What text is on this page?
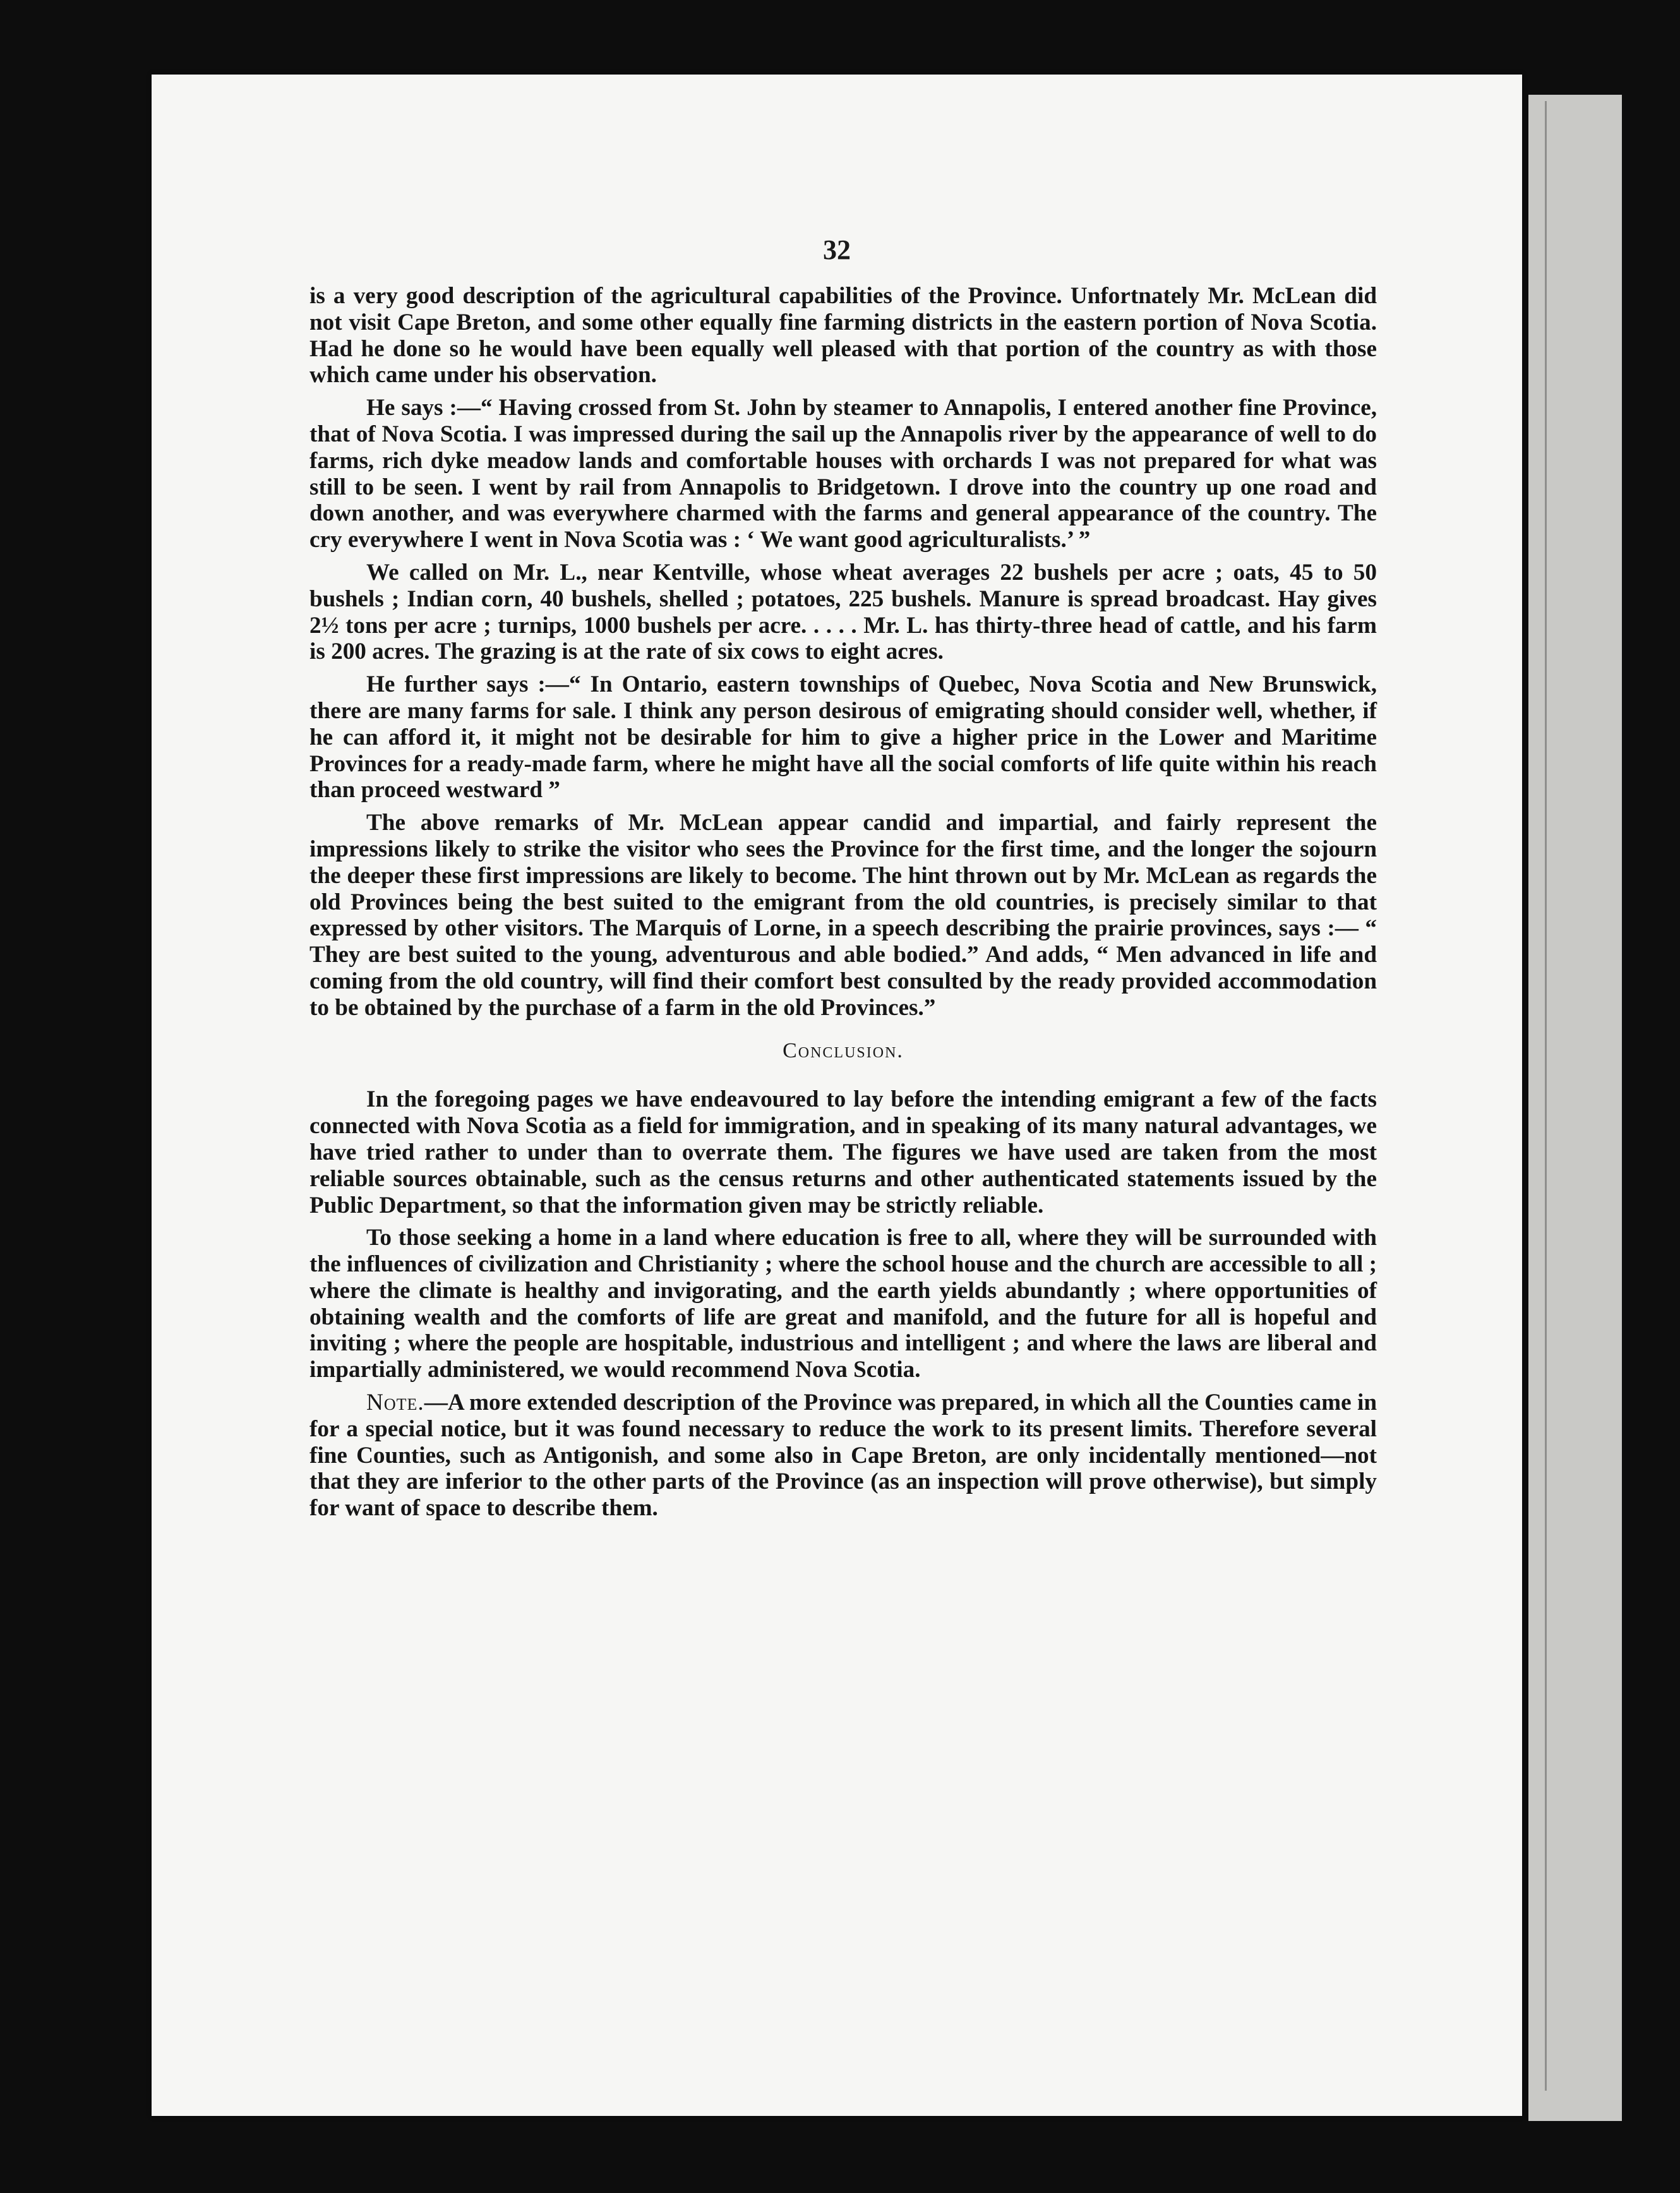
32

is a very good description of the agricultural capabilities of the Province. Unfortnately Mr. McLean did not visit Cape Breton, and some other equally fine farming districts in the eastern portion of Nova Scotia. Had he done so he would have been equally well pleased with that portion of the country as with those which came under his observation.

He says :—“ Having crossed from St. John by steamer to Annapolis, I entered another fine Province, that of Nova Scotia. I was impressed during the sail up the Annapolis river by the appearance of well to do farms, rich dyke meadow lands and comfortable houses with orchards I was not prepared for what was still to be seen. I went by rail from Annapolis to Bridgetown. I drove into the country up one road and down another, and was everywhere charmed with the farms and general appearance of the country. The cry everywhere I went in Nova Scotia was : ‘ We want good agriculturalists.’ ”

We called on Mr. L., near Kentville, whose wheat averages 22 bushels per acre ; oats, 45 to 50 bushels ; Indian corn, 40 bushels, shelled ; potatoes, 225 bushels. Manure is spread broadcast. Hay gives 2½ tons per acre ; turnips, 1000 bushels per acre. . . . . Mr. L. has thirty-three head of cattle, and his farm is 200 acres. The grazing is at the rate of six cows to eight acres.

He further says :—“ In Ontario, eastern townships of Quebec, Nova Scotia and New Brunswick, there are many farms for sale. I think any person desirous of emigrating should consider well, whether, if he can afford it, it might not be desirable for him to give a higher price in the Lower and Maritime Provinces for a ready-made farm, where he might have all the social comforts of life quite within his reach than proceed westward ”

The above remarks of Mr. McLean appear candid and impartial, and fairly represent the impressions likely to strike the visitor who sees the Province for the first time, and the longer the sojourn the deeper these first impressions are likely to become. The hint thrown out by Mr. McLean as regards the old Provinces being the best suited to the emigrant from the old countries, is precisely similar to that expressed by other visitors. The Marquis of Lorne, in a speech describing the prairie provinces, says :— “ They are best suited to the young, adventurous and able bodied.” And adds, “ Men advanced in life and coming from the old country, will find their comfort best consulted by the ready provided accommodation to be obtained by the purchase of a farm in the old Provinces.”

Conclusion.

In the foregoing pages we have endeavoured to lay before the intending emigrant a few of the facts connected with Nova Scotia as a field for immigration, and in speaking of its many natural advantages, we have tried rather to under than to overrate them. The figures we have used are taken from the most reliable sources obtainable, such as the census returns and other authenticated statements issued by the Public Department, so that the information given may be strictly reliable.

To those seeking a home in a land where education is free to all, where they will be surrounded with the influences of civilization and Christianity ; where the school house and the church are accessible to all ; where the climate is healthy and invigorating, and the earth yields abundantly ; where opportunities of obtaining wealth and the comforts of life are great and manifold, and the future for all is hopeful and inviting ; where the people are hospitable, industrious and intelligent ; and where the laws are liberal and impartially administered, we would recommend Nova Scotia.

Note.—A more extended description of the Province was prepared, in which all the Counties came in for a special notice, but it was found necessary to reduce the work to its present limits. Therefore several fine Counties, such as Antigonish, and some also in Cape Breton, are only incidentally mentioned—not that they are inferior to the other parts of the Province (as an inspection will prove otherwise), but simply for want of space to describe them.
